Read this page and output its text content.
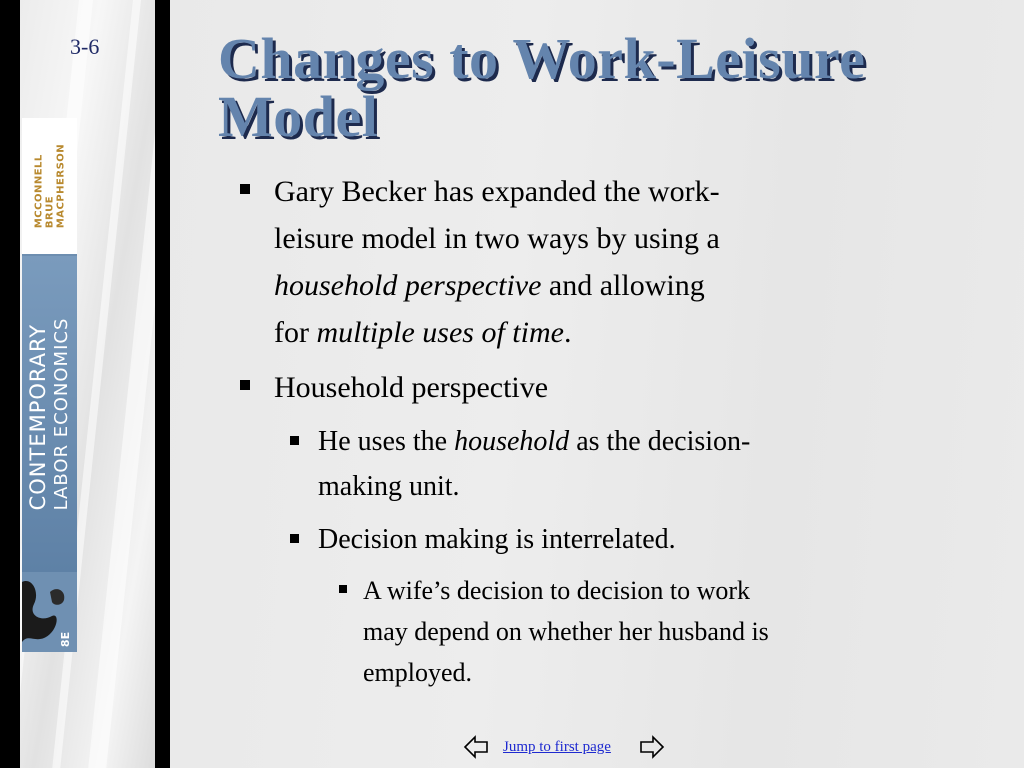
3-6
MCCONNELL BRUE MACPHERSON
CONTEMPORARY LABOR ECONOMICS
8E
Changes to Work-Leisure
Model
Gary Becker has expanded the work-
leisure model in two ways by using a
household perspective and allowing
for multiple uses of time.
Household perspective
He uses the household as the decision-
making unit.
Decision making is interrelated.
A wife’s decision to decision to work
may depend on whether her husband is
employed.
Jump to first page
